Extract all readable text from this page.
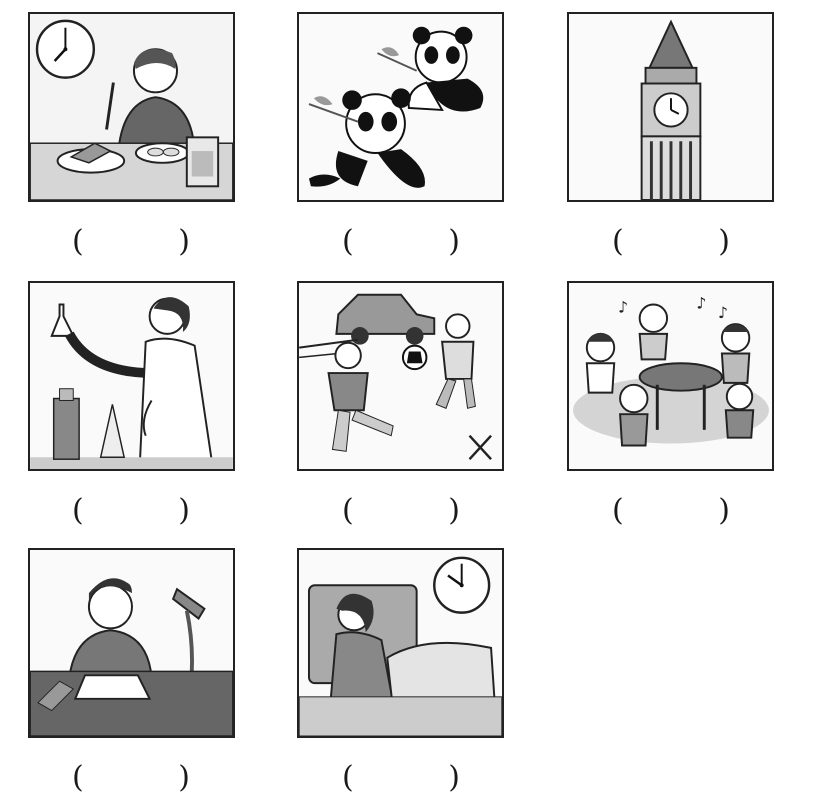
(	)	(	)	(	)
♪	♪
♪
(	)	(	)	(	)
(	)	(	)
